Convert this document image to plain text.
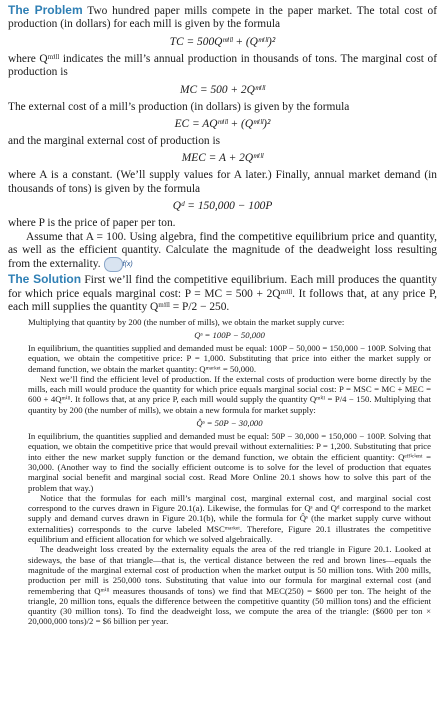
The Problem Two hundred paper mills compete in the paper market. The total cost of production (in dollars) for each mill is given by the formula

TC = 500Qᵐⁱˡˡ + (Qᵐⁱˡˡ)²

where Qᵐⁱˡˡ indicates the mill’s annual production in thousands of tons. The marginal cost of production is

MC = 500 + 2Qᵐⁱˡˡ

The external cost of a mill’s production (in dollars) is given by the formula

EC = AQᵐⁱˡˡ + (Qᵐⁱˡˡ)²

and the marginal external cost of production is

MEC = A + 2Qᵐⁱˡˡ

where A is a constant. (We’ll supply values for A later.) Finally, annual market demand (in thousands of tons) is given by the formula

Qᵈ = 150,000 − 100P

where P is the price of paper per ton.

Assume that A = 100. Using algebra, find the competitive equilibrium price and quantity, as well as the efficient quantity. Calculate the magnitude of the deadweight loss resulting from the externality.	f(x)

The Solution First we’ll find the competitive equilibrium. Each mill produces the quantity for which price equals marginal cost: P = MC = 500 + 2Qᵐⁱˡˡ. It follows that, at any price P, each mill supplies the quantity Qᵐⁱˡˡ = P/2 − 250.

Multiplying that quantity by 200 (the number of mills), we obtain the market supply curve:

Qˢ = 100P − 50,000

In equilibrium, the quantities supplied and demanded must be equal: 100P − 50,000 = 150,000 − 100P. Solving that equation, we obtain the competitive price: P = 1,000. Substituting that price into either the market supply or demand function, we obtain the market quantity: Qᵐᵃʳᵏᵉᵗ = 50,000.

Next we’ll find the efficient level of production. If the external costs of production were borne directly by the mills, each mill would produce the quantity for which price equals marginal social cost: P = MSC = MC + MEC = 600 + 4Qᵐⁱˡˡ. It follows that, at any price P, each mill would supply the quantity Qᵐⁱˡˡ = P/4 − 150. Multiplying that quantity by 200 (the number of mills), we obtain a new formula for market supply:

Q̂ˢ = 50P − 30,000

In equilibrium, the quantities supplied and demanded must be equal: 50P − 30,000 = 150,000 − 100P. Solving that equation, we obtain the competitive price that would prevail without externalities: P = 1,200. Substituting that price into either the new market supply function or the demand function, we obtain the efficient quantity: Qᵉᶠᶠⁱᶜⁱᵉⁿᵗ = 30,000. (Another way to find the socially efficient outcome is to solve for the level of production that equates marginal social benefit and marginal social cost. Read More Online 20.1 shows how to solve this part of the problem that way.)

Notice that the formulas for each mill’s marginal cost, marginal external cost, and marginal social cost correspond to the curves drawn in Figure 20.1(a). Likewise, the formulas for Qˢ and Qᵈ correspond to the market supply and demand curves drawn in Figure 20.1(b), while the formula for Q̂ˢ (the market supply curve without externalities) corresponds to the curve labeled MSCᵐᵃʳᵏᵉᵗ. Therefore, Figure 20.1 illustrates the competitive equilibrium and efficient allocation for which we solved algebraically.

The deadweight loss created by the externality equals the area of the red triangle in Figure 20.1. Looked at sideways, the base of that triangle—that is, the vertical distance between the red and brown lines—equals the magnitude of the marginal external cost of production when the market output is 50 million tons. With 200 mills, production per mill is 250,000 tons. Substituting that value into our formula for marginal external cost (and remembering that Qᵐⁱˡˡ measures thousands of tons) we find that MEC(250) = $600 per ton. The height of the triangle, 20 million tons, equals the difference between the competitive quantity (50 million tons) and the efficient quantity (30 million tons). To find the deadweight loss, we compute the area of the triangle: ($600 per ton × 20,000,000 tons)/2 = $6 billion per year.
